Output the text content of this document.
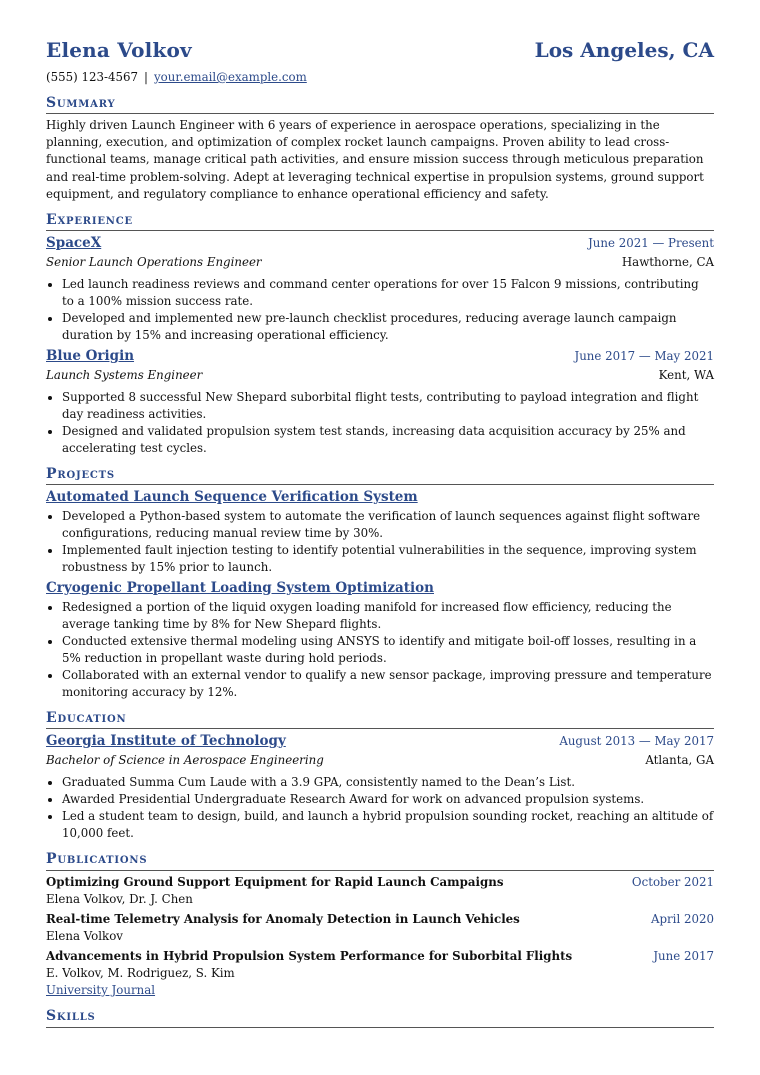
Elena Volkov	Los Angeles, CA
(555) 123-4567 | your.email@example.com
Summary
Highly driven Launch Engineer with 6 years of experience in aerospace operations, specializing in the planning, execution, and optimization of complex rocket launch campaigns. Proven ability to lead cross-functional teams, manage critical path activities, and ensure mission success through meticulous preparation and real-time problem-solving. Adept at leveraging technical expertise in propulsion systems, ground support equipment, and regulatory compliance to enhance operational efficiency and safety.
Experience
SpaceX	June 2021 — Present
Senior Launch Operations Engineer	Hawthorne, CA
• Led launch readiness reviews and command center operations for over 15 Falcon 9 missions, contributing to a 100% mission success rate.
• Developed and implemented new pre-launch checklist procedures, reducing average launch campaign duration by 15% and increasing operational efficiency.
Blue Origin	June 2017 — May 2021
Launch Systems Engineer	Kent, WA
• Supported 8 successful New Shepard suborbital flight tests, contributing to payload integration and flight day readiness activities.
• Designed and validated propulsion system test stands, increasing data acquisition accuracy by 25% and accelerating test cycles.
Projects
Automated Launch Sequence Verification System
• Developed a Python-based system to automate the verification of launch sequences against flight software configurations, reducing manual review time by 30%.
• Implemented fault injection testing to identify potential vulnerabilities in the sequence, improving system robustness by 15% prior to launch.
Cryogenic Propellant Loading System Optimization
• Redesigned a portion of the liquid oxygen loading manifold for increased flow efficiency, reducing the average tanking time by 8% for New Shepard flights.
• Conducted extensive thermal modeling using ANSYS to identify and mitigate boil-off losses, resulting in a 5% reduction in propellant waste during hold periods.
• Collaborated with an external vendor to qualify a new sensor package, improving pressure and temperature monitoring accuracy by 12%.
Education
Georgia Institute of Technology	August 2013 — May 2017
Bachelor of Science in Aerospace Engineering	Atlanta, GA
• Graduated Summa Cum Laude with a 3.9 GPA, consistently named to the Dean’s List.
• Awarded Presidential Undergraduate Research Award for work on advanced propulsion systems.
• Led a student team to design, build, and launch a hybrid propulsion sounding rocket, reaching an altitude of 10,000 feet.
Publications
Optimizing Ground Support Equipment for Rapid Launch Campaigns	October 2021
Elena Volkov, Dr. J. Chen
Real-time Telemetry Analysis for Anomaly Detection in Launch Vehicles	April 2020
Elena Volkov
Advancements in Hybrid Propulsion System Performance for Suborbital Flights	June 2017
E. Volkov, M. Rodriguez, S. Kim
University Journal
Skills
